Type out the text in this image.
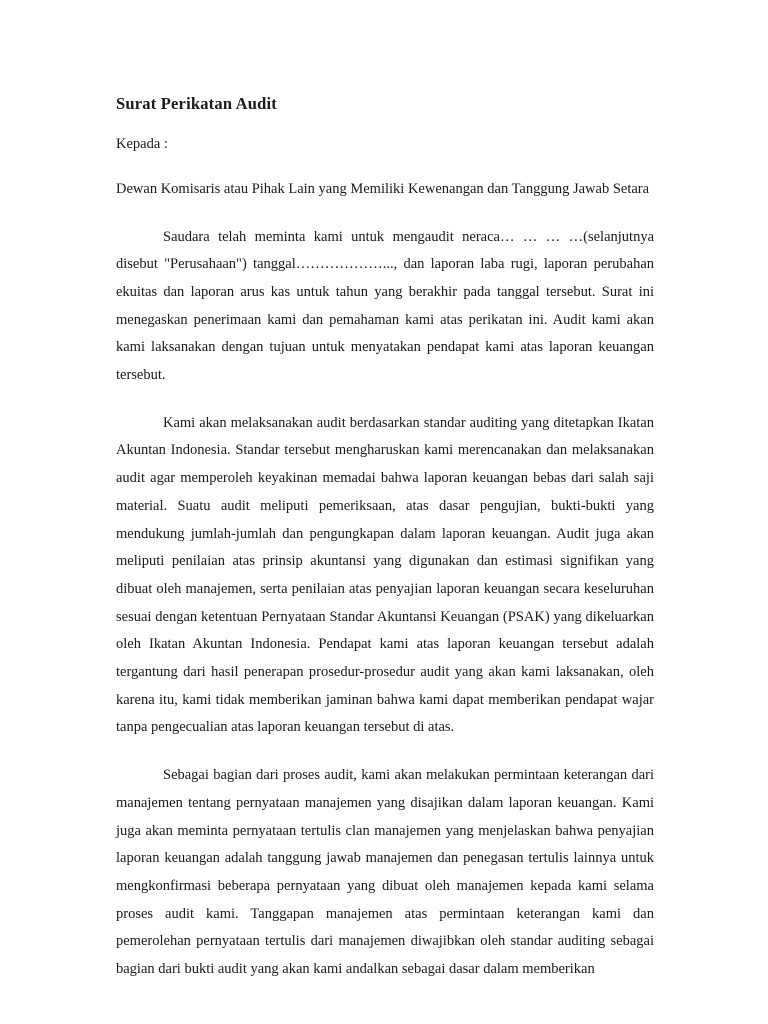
Surat Perikatan Audit

Kepada :

Dewan Komisaris atau Pihak Lain yang Memiliki Kewenangan dan Tanggung Jawab Setara

Saudara telah meminta kami untuk mengaudit neraca… … … …(selanjutnya disebut "Perusahaan") tanggal………………..., dan laporan laba rugi, laporan perubahan ekuitas dan laporan arus kas untuk tahun yang berakhir pada tanggal tersebut. Surat ini menegaskan penerimaan kami dan pemahaman kami atas perikatan ini. Audit kami akan kami laksanakan dengan tujuan untuk menyatakan pendapat kami atas laporan keuangan tersebut.

Kami akan melaksanakan audit berdasarkan standar auditing yang ditetapkan Ikatan Akuntan Indonesia. Standar tersebut mengharuskan kami merencanakan dan melaksanakan audit agar memperoleh keyakinan memadai bahwa laporan keuangan bebas dari salah saji material. Suatu audit meliputi pemeriksaan, atas dasar pengujian, bukti-bukti yang mendukung jumlah-jumlah dan pengungkapan dalam laporan keuangan. Audit juga akan meliputi penilaian atas prinsip akuntansi yang digunakan dan estimasi signifikan yang dibuat oleh manajemen, serta penilaian atas penyajian laporan keuangan secara keseluruhan sesuai dengan ketentuan Pernyataan Standar Akuntansi Keuangan (PSAK) yang dikeluarkan oleh Ikatan Akuntan Indonesia. Pendapat kami atas laporan keuangan tersebut adalah tergantung dari hasil penerapan prosedur-prosedur audit yang akan kami laksanakan, oleh karena itu, kami tidak memberikan jaminan bahwa kami dapat memberikan pendapat wajar tanpa pengecualian atas laporan keuangan tersebut di atas.

Sebagai bagian dari proses audit, kami akan melakukan permintaan keterangan dari manajemen tentang pernyataan manajemen yang disajikan dalam laporan keuangan. Kami juga akan meminta pernyataan tertulis clan manajemen yang menjelaskan bahwa penyajian laporan keuangan adalah tanggung jawab manajemen dan penegasan tertulis lainnya untuk mengkonfirmasi beberapa pernyataan yang dibuat oleh manajemen kepada kami selama proses audit kami. Tanggapan manajemen atas permintaan keterangan kami dan pemerolehan pernyataan tertulis dari manajemen diwajibkan oleh standar auditing sebagai bagian dari bukti audit yang akan kami andalkan sebagai dasar dalam memberikan
